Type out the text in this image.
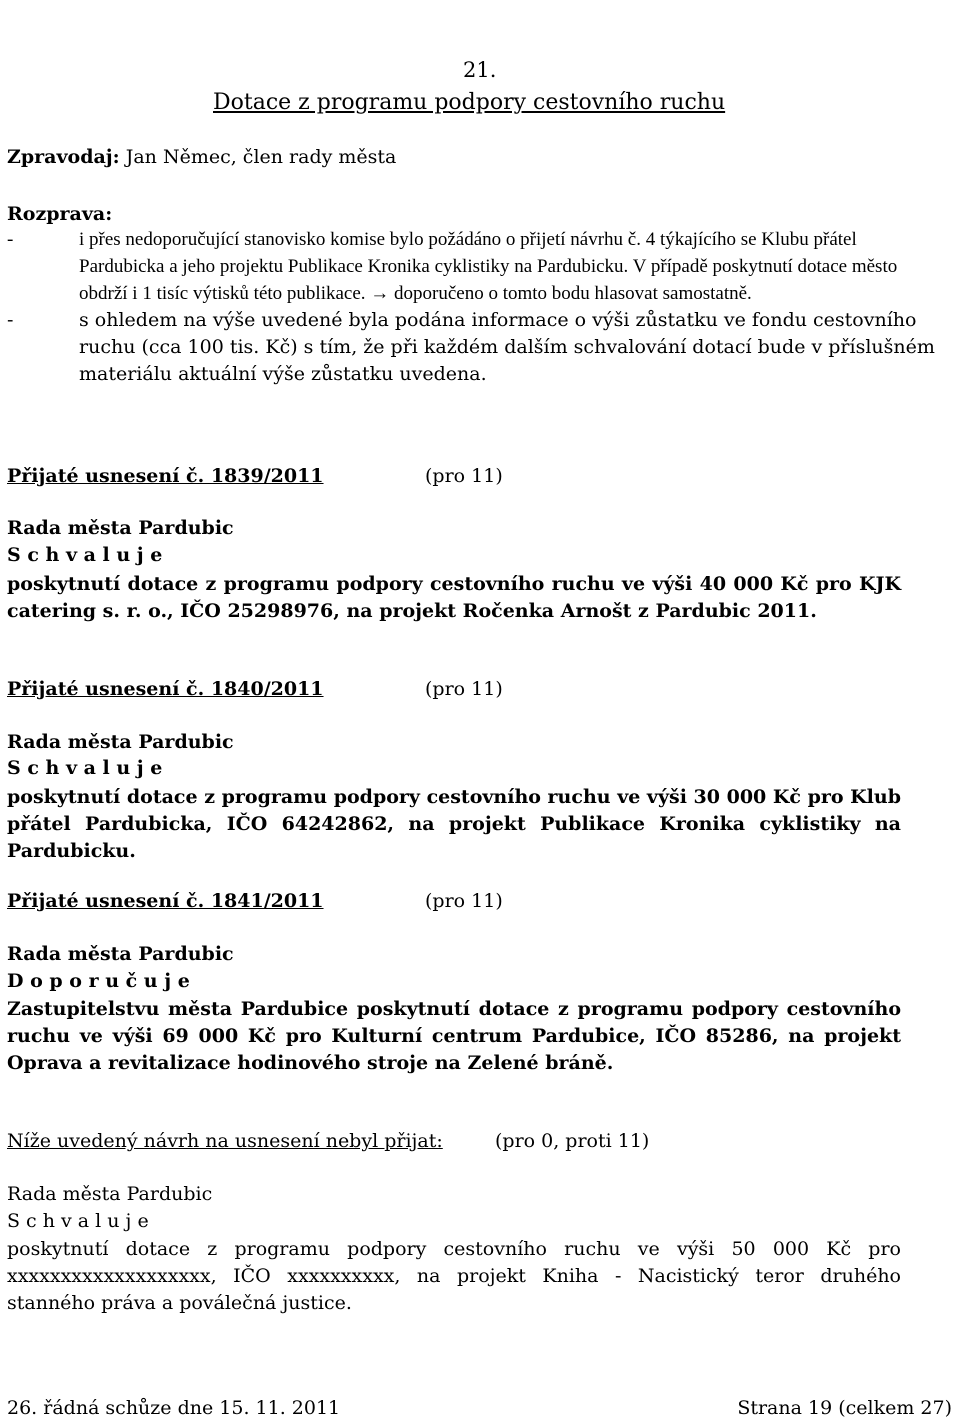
21.
Dotace z programu podpory cestovního ruchu
Zpravodaj: Jan Němec, člen rady města
Rozprava:
-	i přes nedoporučující stanovisko komise bylo požádáno o přijetí návrhu č. 4 týkajícího se Klubu přátel Pardubicka a jeho projektu Publikace Kronika cyklistiky na Pardubicku. V případě poskytnutí dotace město obdrží i 1 tisíc výtisků této publikace. → doporučeno o tomto bodu hlasovat samostatně.
-	s ohledem na výše uvedené byla podána informace o výši zůstatku ve fondu cestovního ruchu (cca 100 tis. Kč) s tím, že při každém dalším schvalování dotací bude v příslušném materiálu aktuální výše zůstatku uvedena.
Přijaté usnesení č. 1839/2011	(pro 11)
Rada města Pardubic
S c h v a l u j e
poskytnutí dotace z programu podpory cestovního ruchu ve výši 40 000 Kč pro KJK catering s. r. o., IČO 25298976, na projekt Ročenka Arnošt z Pardubic 2011.
Přijaté usnesení č. 1840/2011	(pro 11)
Rada města Pardubic
S c h v a l u j e
poskytnutí dotace z programu podpory cestovního ruchu ve výši 30 000 Kč pro Klub přátel Pardubicka, IČO 64242862, na projekt Publikace Kronika cyklistiky na Pardubicku.
Přijaté usnesení č. 1841/2011	(pro 11)
Rada města Pardubic
D o p o r u č u j e
Zastupitelstvu města Pardubice poskytnutí dotace z programu podpory cestovního ruchu ve výši 69 000 Kč pro Kulturní centrum Pardubice, IČO 85286, na projekt Oprava a revitalizace hodinového stroje na Zelené bráně.
Níže uvedený návrh na usnesení nebyl přijat:	(pro 0, proti 11)
Rada města Pardubic
S c h v a l u j e
poskytnutí dotace z programu podpory cestovního ruchu ve výši 50 000 Kč pro xxxxxxxxxxxxxxxxxxx, IČO xxxxxxxxxx, na projekt Kniha - Nacistický teror druhého stanného práva a poválečná justice.
26. řádná schůze dne 15. 11. 2011	Strana 19 (celkem 27)
